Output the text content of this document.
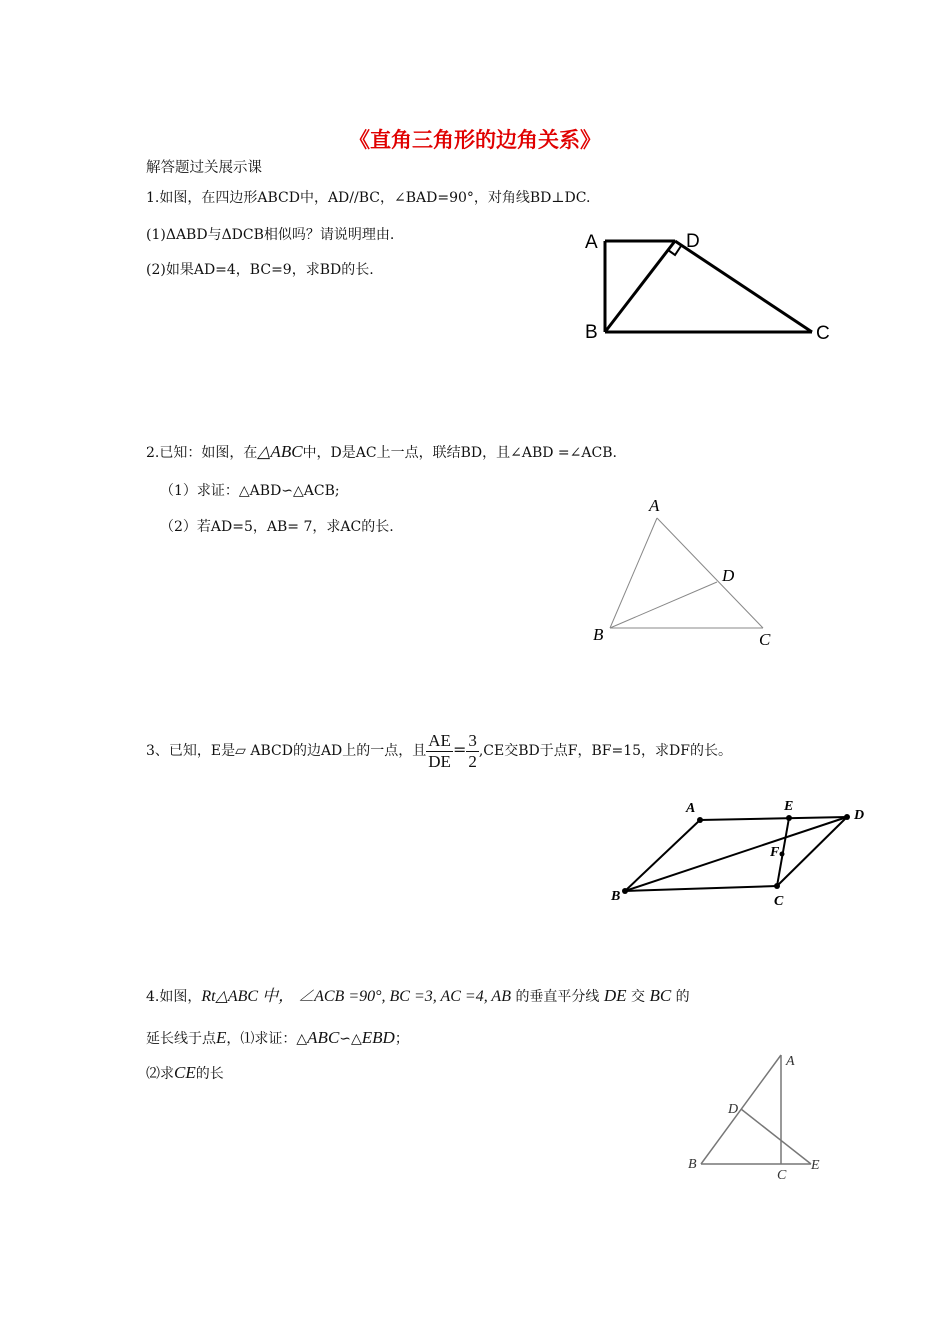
《直角三角形的边角关系》
解答题过关展示课
1.如图，在四边形ABCD中，AD//BC，∠BAD=90°，对角线BD⊥DC.
(1)ΔABD与ΔDCB相似吗？请说明理由.
(2)如果AD=4，BC=9，求BD的长.
A	D
B	C
2.已知：如图，在△ABC中，D是AC上一点，联结BD，且∠ABD =∠ACB.
（1）求证：△ABD∽△ACB;
（2）若AD=5，AB= 7，求AC的长.
A
D
B	C
3、已知，E是▱ ABCD的边AD上的一点，且 $\frac{AE}{DE} = \frac{3}{2} ,CE$交BD于点F，BF=15，求DF的长。
A	E
D
F
B	C
4.如图，Rt△ABC 中， ∠ACB =90°, BC =3, AC =4, AB 的垂直平分线 DE 交 BC 的
延长线于点E，⑴求证：△ABC∽△EBD；
⑵求CE的长
A
D
B
C
E
